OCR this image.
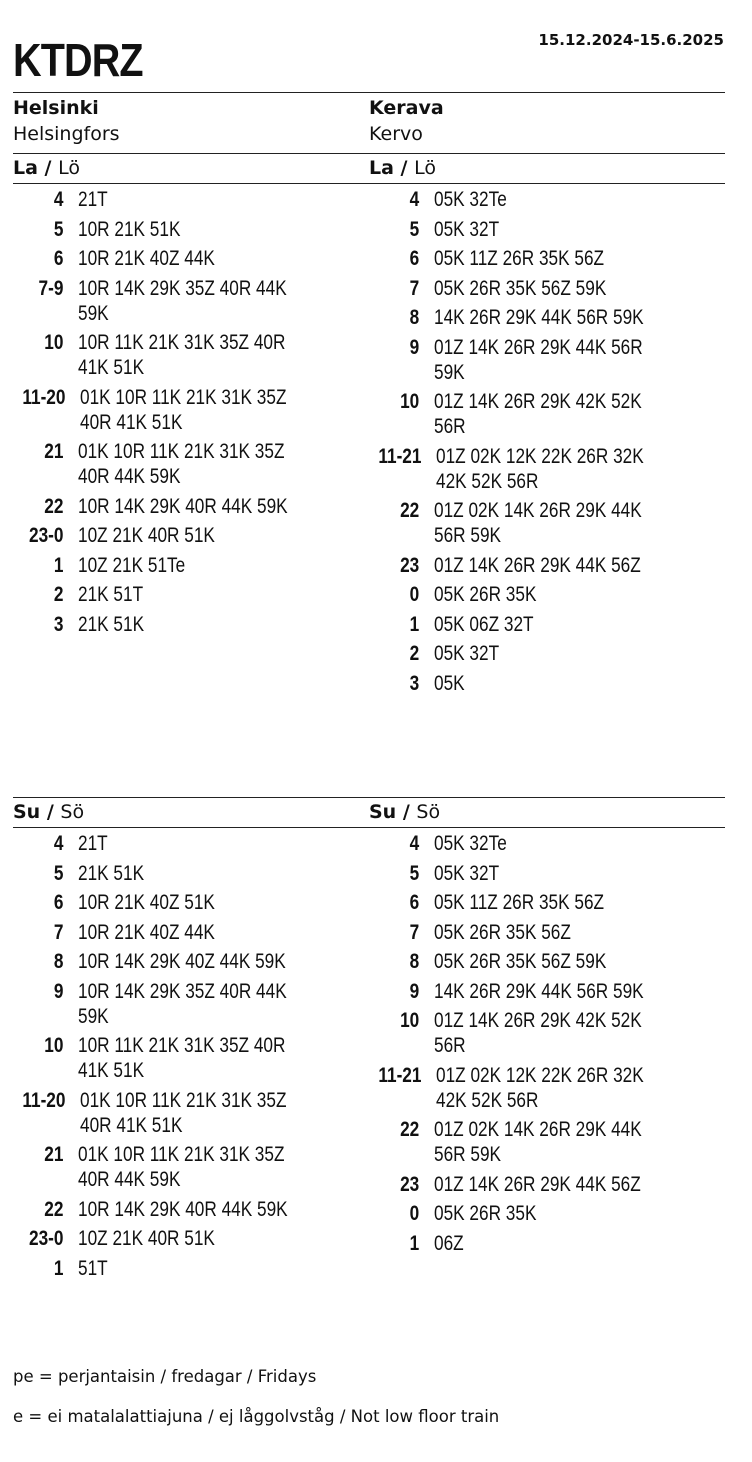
KTDRZ	15.12.2024-15.6.2025
Helsinki
Helsingfors
Kerava
Kervo
La / Lö	La / Lö
4 21T
5 10R 21K 51K
6 10R 21K 40Z 44K
7-9 10R 14K 29K 35Z 40R 44K 59K
10 10R 11K 21K 31K 35Z 40R 41K 51K
11-20 01K 10R 11K 21K 31K 35Z 40R 41K 51K
21 01K 10R 11K 21K 31K 35Z 40R 44K 59K
22 10R 14K 29K 40R 44K 59K
23-0 10Z 21K 40R 51K
1 10Z 21K 51Te
2 21K 51T
3 21K 51K
4 05K 32Te
5 05K 32T
6 05K 11Z 26R 35K 56Z
7 05K 26R 35K 56Z 59K
8 14K 26R 29K 44K 56R 59K
9 01Z 14K 26R 29K 44K 56R 59K
10 01Z 14K 26R 29K 42K 52K 56R
11-21 01Z 02K 12K 22K 26R 32K 42K 52K 56R
22 01Z 02K 14K 26R 29K 44K 56R 59K
23 01Z 14K 26R 29K 44K 56Z
0 05K 26R 35K
1 05K 06Z 32T
2 05K 32T
3 05K
Su / Sö	Su / Sö
4 21T
5 21K 51K
6 10R 21K 40Z 51K
7 10R 21K 40Z 44K
8 10R 14K 29K 40Z 44K 59K
9 10R 14K 29K 35Z 40R 44K 59K
10 10R 11K 21K 31K 35Z 40R 41K 51K
11-20 01K 10R 11K 21K 31K 35Z 40R 41K 51K
21 01K 10R 11K 21K 31K 35Z 40R 44K 59K
22 10R 14K 29K 40R 44K 59K
23-0 10Z 21K 40R 51K
1 51T
4 05K 32Te
5 05K 32T
6 05K 11Z 26R 35K 56Z
7 05K 26R 35K 56Z
8 05K 26R 35K 56Z 59K
9 14K 26R 29K 44K 56R 59K
10 01Z 14K 26R 29K 42K 52K 56R
11-21 01Z 02K 12K 22K 26R 32K 42K 52K 56R
22 01Z 02K 14K 26R 29K 44K 56R 59K
23 01Z 14K 26R 29K 44K 56Z
0 05K 26R 35K
1 06Z
pe = perjantaisin / fredagar / Fridays
e = ei matalalattiajuna / ej låggolvståg / Not low floor train
